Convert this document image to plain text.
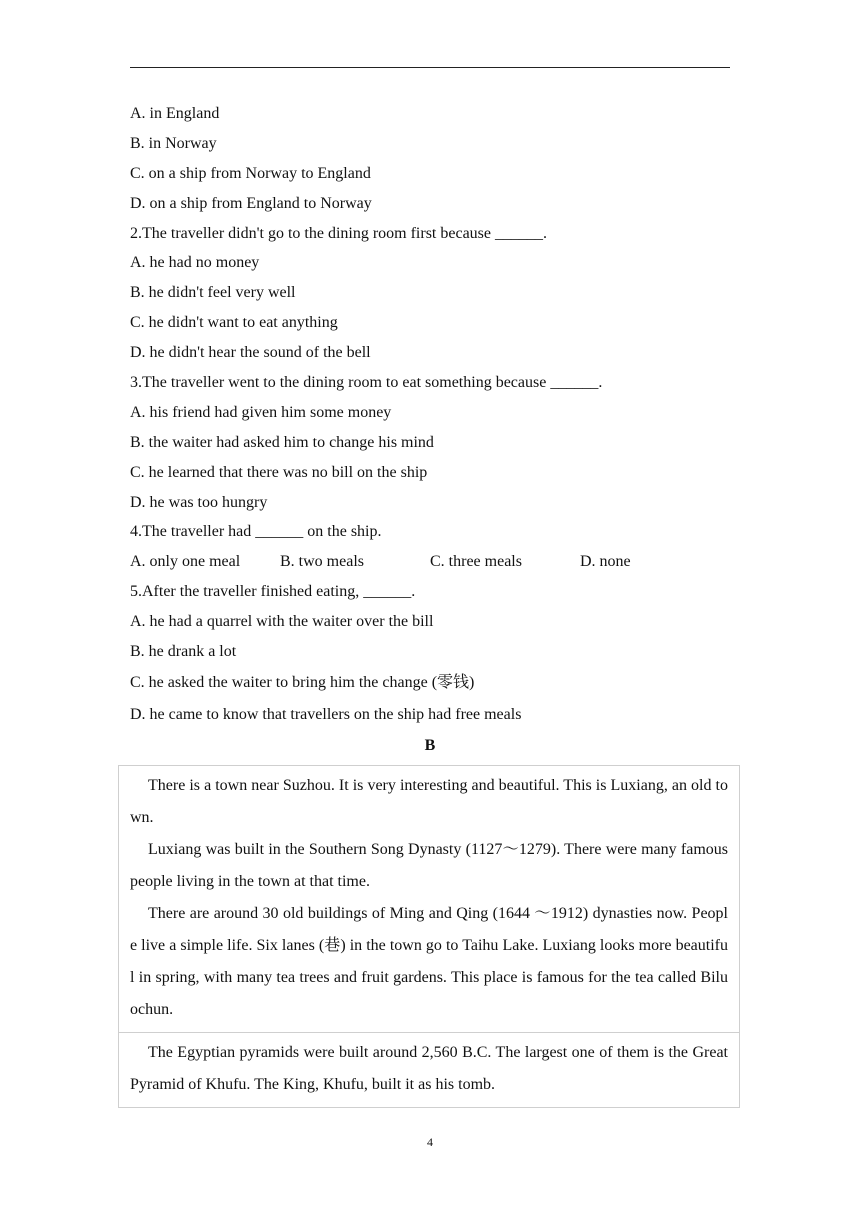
A. in England
B. in Norway
C. on a ship from Norway to England
D. on a ship from England to Norway
2.The traveller didn't go to the dining room first because ______.
A. he had no money
B. he didn't feel very well
C. he didn't want to eat anything
D. he didn't hear the sound of the bell
3.The traveller went to the dining room to eat something because ______.
A. his friend had given him some money
B. the waiter had asked him to change his mind
C. he learned that there was no bill on the ship
D. he was too hungry
4.The traveller had ______ on the ship.
A. only one meal B. two meals	C. three meals	D. none
5.After the traveller finished eating, ______.
A. he had a quarrel with the waiter over the bill
B. he drank a lot
C. he asked the waiter to bring him the change (零钱)
D. he came to know that travellers on the ship had free meals
B

There is a town near Suzhou. It is very interesting and beautiful. This is Luxiang, an old town.

Luxiang was built in the Southern Song Dynasty (1127～1279). There were many famous people living in the town at that time.

There are around 30 old buildings of Ming and Qing (1644 ～1912) dynasties now. People live a simple life. Six lanes (巷) in the town go to Taihu Lake. Luxiang looks more beautiful in spring, with many tea trees and fruit gardens. This place is famous for the tea called Biluochun.

The Egyptian pyramids were built around 2,560 B.C. The largest one of them is the Great Pyramid of Khufu. The King, Khufu, built it as his tomb.

4
